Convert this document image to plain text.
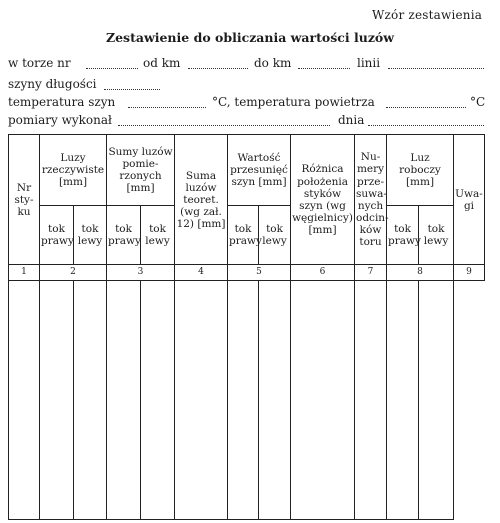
Wzór zestawienia
Zestawienie do obliczania wartości luzów
w torze nr	od km	do km	linii
szyny długości
temperatura szyn	°C, temperatura powietrza	°C
pomiary wykonał	dnia
Nr styku	Luzy rzeczywiste [mm]		Sumy luzów pomierzonych [mm]		Suma luzów teoret. (wg zał. 12) [mm]	Wartość przesunięć szyn [mm]		Różnica położenia styków szyn (wg węgielnicy) [mm]	Numery przesuwanych odcinków toru	Luz roboczy [mm]		Uwagi
	tok prawy	tok lewy	tok prawy	tok lewy		tok prawy	tok lewy			tok prawy	tok lewy	
1	2		3		4	5		6	7	8		9
